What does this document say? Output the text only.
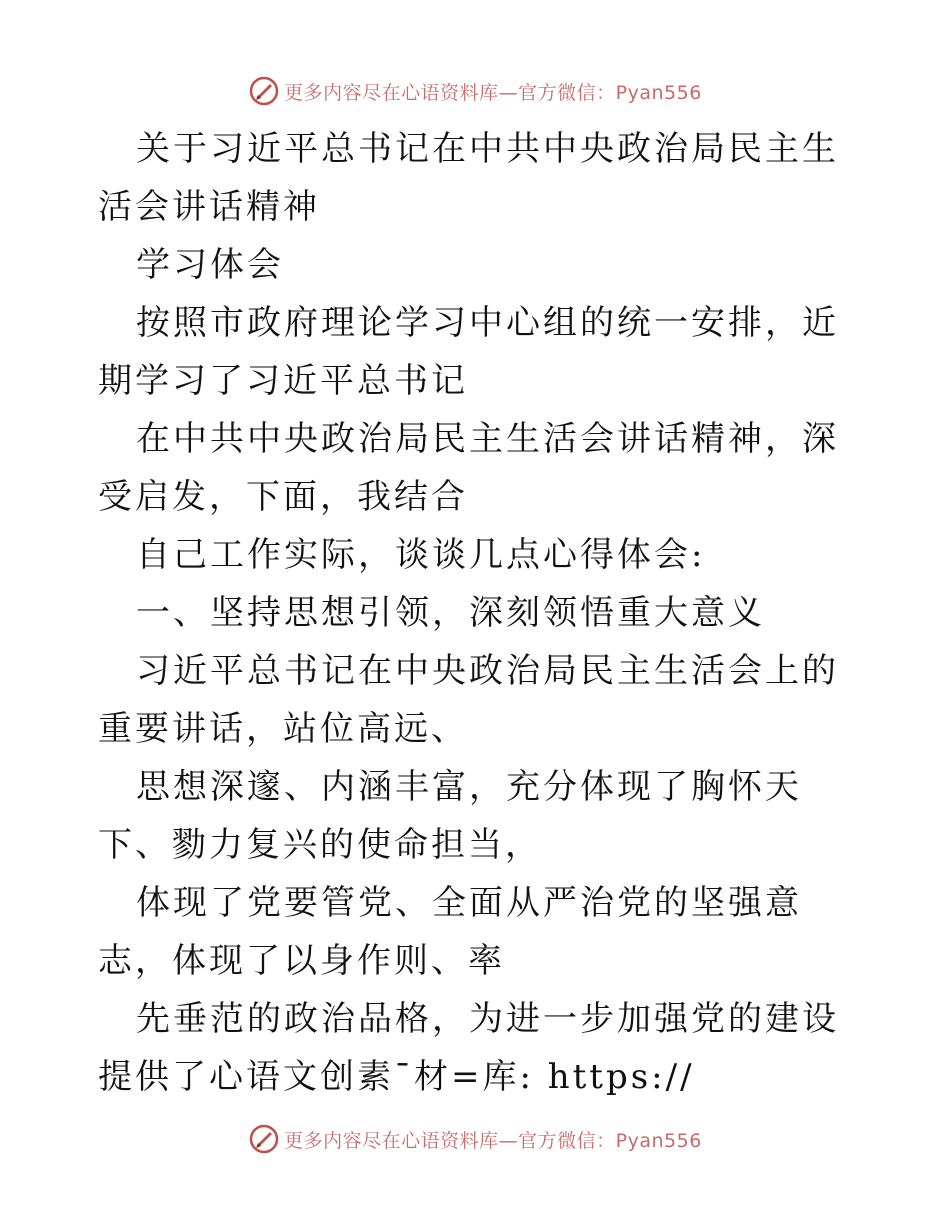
更多内容尽在心语资料库—官方微信：Pyan556

关于习近平总书记在中共中央政治局民主生活会讲话精神

学习体会

按照市政府理论学习中心组的统一安排，近期学习了习近平总书记

在中共中央政治局民主生活会讲话精神，深受启发，下面，我结合

自己工作实际，谈谈几点心得体会:

一、坚持思想引领，深刻领悟重大意义

习近平总书记在中央政治局民主生活会上的重要讲话，站位高远、

思想深邃、内涵丰富，充分体现了胸怀天下、勠力复兴的使命担当，

体现了党要管党、全面从严治党的坚强意志，体现了以身作则、率

先垂范的政治品格，为进一步加强党的建设提供了心语文创素¯材=库: https://

更多内容尽在心语资料库—官方微信：Pyan556
